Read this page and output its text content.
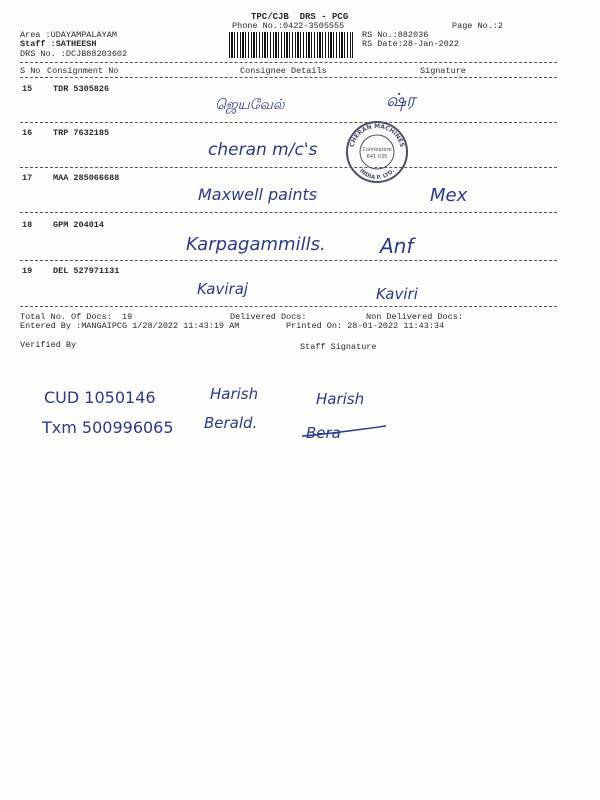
TPC/CJB  DRS - PCG
Phone No.:0422-3505555	Page No.:2
Area :UDAYAMPALAYAM
Staff :SATHEESH
DRS No. :DCJB88203602
RS No.:882036
RS Date:28-Jan-2022
S No Consignment No	Consignee Details	Signature
15 TDR 5305826
ஜெயவேல்	ஷ்ர
16 TRP 7632185
cheran m/c's
17 MAA 285066688
Maxwell paints	Mex
18 GPM 204014
Karpagammills.	Anf
19 DEL 527971131
Kaviraj	Kaviri
Total No. Of Docs:  19	Delivered Docs:	Non Delivered Docs:
Entered By :MANGAIPCG 1/28/2022 11:43:19 AM	Printed On: 28-01-2022 11:43:34
Verified By	Staff Signature
CHERAN MACHINES
INDIA P. LTD.
Coimbatore
641 035
CUD 1050146	Harish	Harish
Txm 500996065 Berald.
Bera
